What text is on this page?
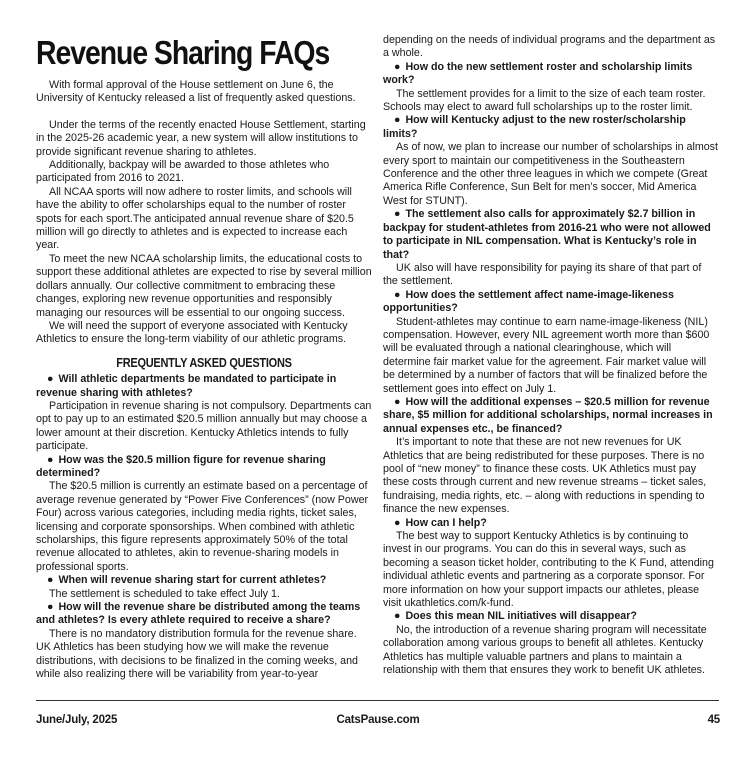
Revenue Sharing FAQs

With formal approval of the House settlement on June 6, the University of Kentucky released a list of frequently asked questions.

Under the terms of the recently enacted House Settlement, starting in the 2025-26 academic year, a new system will allow institutions to provide significant revenue sharing to athletes.

Additionally, backpay will be awarded to those athletes who participated from 2016 to 2021.

All NCAA sports will now adhere to roster limits, and schools will have the ability to offer scholarships equal to the number of roster spots for each sport.The anticipated annual revenue share of $20.5 million will go directly to athletes and is expected to increase each year.

To meet the new NCAA scholarship limits, the educational costs to support these additional athletes are expected to rise by several million dollars annually. Our collective commitment to embracing these changes, exploring new revenue opportunities and responsibly managing our resources will be essential to our ongoing success.

We will need the support of everyone associated with Kentucky Athletics to ensure the long-term viability of our athletic programs.

FREQUENTLY ASKED QUESTIONS

● Will athletic departments be mandated to participate in revenue sharing with athletes?

Participation in revenue sharing is not compulsory. Departments can opt to pay up to an estimated $20.5 million annually but may choose a lower amount at their discretion. Kentucky Athletics intends to fully participate.

● How was the $20.5 million figure for revenue sharing determined?

The $20.5 million is currently an estimate based on a percentage of average revenue generated by “Power Five Conferences” (now Power Four) across various categories, including media rights, ticket sales, licensing and corporate sponsorships. When combined with athletic scholarships, this figure represents approximately 50% of the total revenue allocated to athletes, akin to revenue-sharing models in professional sports.

● When will revenue sharing start for current athletes?

The settlement is scheduled to take effect July 1.

● How will the revenue share be distributed among the teams and athletes? Is every athlete required to receive a share?

There is no mandatory distribution formula for the revenue share. UK Athletics has been studying how we will make the revenue distributions, with decisions to be finalized in the coming weeks, and while also realizing there will be variability from year-to-year

depending on the needs of individual programs and the department as a whole.

● How do the new settlement roster and scholarship limits work?

The settlement provides for a limit to the size of each team roster. Schools may elect to award full scholarships up to the roster limit.

● How will Kentucky adjust to the new roster/scholarship limits?

As of now, we plan to increase our number of scholarships in almost every sport to maintain our competitiveness in the Southeastern Conference and the other three leagues in which we compete (Great America Rifle Conference, Sun Belt for men’s soccer, Mid America West for STUNT).

● The settlement also calls for approximately $2.7 billion in backpay for student-athletes from 2016-21 who were not allowed to participate in NIL compensation. What is Kentucky’s role in that?

UK also will have responsibility for paying its share of that part of the settlement.

● How does the settlement affect name-image-likeness opportunities?

Student-athletes may continue to earn name-image-likeness (NIL) compensation. However, every NIL agreement worth more than $600 will be evaluated through a national clearinghouse, which will determine fair market value for the agreement. Fair market value will be determined by a number of factors that will be finalized before the settlement goes into effect on July 1.

● How will the additional expenses – $20.5 million for revenue share, $5 million for additional scholarships, normal increases in annual expenses etc., be financed?

It’s important to note that these are not new revenues for UK Athletics that are being redistributed for these purposes. There is no pool of “new money” to finance these costs. UK Athletics must pay these costs through current and new revenue streams – ticket sales, fundraising, media rights, etc. – along with reductions in spending to finance the new expenses.

● How can I help?

The best way to support Kentucky Athletics is by continuing to invest in our programs. You can do this in several ways, such as becoming a season ticket holder, contributing to the K Fund, attending individual athletic events and partnering as a corporate sponsor. For more information on how your support impacts our athletes, please visit ukathletics.com/k-fund.

● Does this mean NIL initiatives will disappear?

No, the introduction of a revenue sharing program will necessitate collaboration among various groups to benefit all athletes. Kentucky Athletics has multiple valuable partners and plans to maintain a relationship with them that ensures they work to benefit UK athletes.

June/July, 2025	CatsPause.com	45
